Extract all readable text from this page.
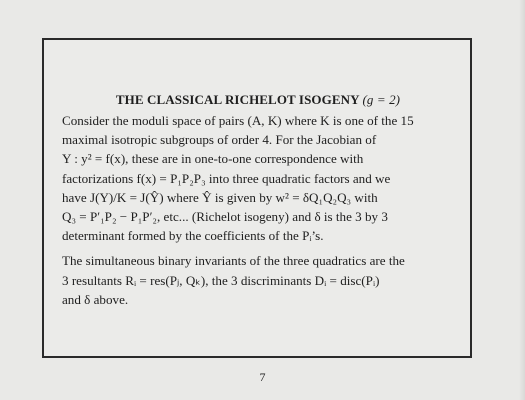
THE CLASSICAL RICHELOT ISOGENY (g = 2)

Consider the moduli space of pairs (A, K) where K is one of the 15
maximal isotropic subgroups of order 4. For the Jacobian of
Y : y² = f(x), these are in one-to-one correspondence with
factorizations f(x) = P₁P₂P₃ into three quadratic factors and we
have J(Y)/K = J(Ŷ) where Ŷ is given by w² = δQ₁Q₂Q₃ with
Q₃ = P′₁P₂ − P₁P′₂, etc... (Richelot isogeny) and δ is the 3 by 3
determinant formed by the coefficients of the Pᵢ’s.

The simultaneous binary invariants of the three quadratics are the
3 resultants Rᵢ = res(Pⱼ, Qₖ), the 3 discriminants Dᵢ = disc(Pᵢ)
and δ above.

7
